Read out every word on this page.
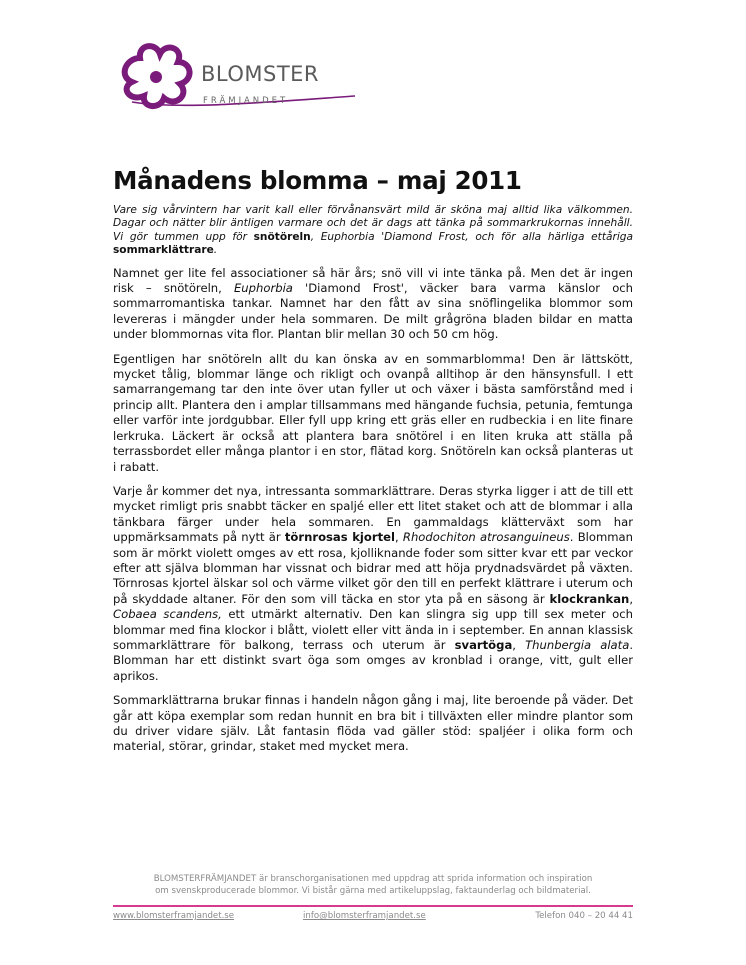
BLOMSTER
FRÄMJANDET
Månadens blomma – maj 2011

Vare sig vårvintern har varit kall eller förvånansvärt mild är sköna maj alltid lika välkommen. Dagar och nätter blir äntligen varmare och det är dags att tänka på sommarkrukornas innehåll. Vi gör tummen upp för snötöreln, Euphorbia 'Diamond Frost, och för alla härliga ettåriga sommarklättrare.

Namnet ger lite fel associationer så här års; snö vill vi inte tänka på. Men det är ingen risk – snötöreln, Euphorbia 'Diamond Frost', väcker bara varma känslor och sommarromantiska tankar. Namnet har den fått av sina snöflingelika blommor som levereras i mängder under hela sommaren. De milt grågröna bladen bildar en matta under blommornas vita flor. Plantan blir mellan 30 och 50 cm hög.

Egentligen har snötöreln allt du kan önska av en sommarblomma! Den är lättskött, mycket tålig, blommar länge och rikligt och ovanpå alltihop är den hänsynsfull. I ett samarrangemang tar den inte över utan fyller ut och växer i bästa samförstånd med i princip allt. Plantera den i amplar tillsammans med hängande fuchsia, petunia, femtunga eller varför inte jordgubbar. Eller fyll upp kring ett gräs eller en rudbeckia i en lite finare lerkruka. Läckert är också att plantera bara snötörel i en liten kruka att ställa på terrassbordet eller många plantor i en stor, flätad korg. Snötöreln kan också planteras ut i rabatt.

Varje år kommer det nya, intressanta sommarklättrare. Deras styrka ligger i att de till ett mycket rimligt pris snabbt täcker en spaljé eller ett litet staket och att de blommar i alla tänkbara färger under hela sommaren. En gammaldags klätterväxt som har uppmärksammats på nytt är törnrosas kjortel, Rhodochiton atrosanguineus. Blomman som är mörkt violett omges av ett rosa, kjolliknande foder som sitter kvar ett par veckor efter att själva blomman har vissnat och bidrar med att höja prydnadsvärdet på växten. Törnrosas kjortel älskar sol och värme vilket gör den till en perfekt klättrare i uterum och på skyddade altaner. För den som vill täcka en stor yta på en säsong är klockrankan, Cobaea scandens, ett utmärkt alternativ. Den kan slingra sig upp till sex meter och blommar med fina klockor i blått, violett eller vitt ända in i september. En annan klassisk sommarklättrare för balkong, terrass och uterum är svartöga, Thunbergia alata. Blomman har ett distinkt svart öga som omges av kronblad i orange, vitt, gult eller aprikos.

Sommarklättrarna brukar finnas i handeln någon gång i maj, lite beroende på väder. Det går att köpa exemplar som redan hunnit en bra bit i tillväxten eller mindre plantor som du driver vidare själv. Låt fantasin flöda vad gäller stöd: spaljéer i olika form och material, störar, grindar, staket med mycket mera.

BLOMSTERFRÄMJANDET är branschorganisationen med uppdrag att sprida information och inspiration
om svenskproducerade blommor. Vi bistår gärna med artikeluppslag, faktaunderlag och bildmaterial.
www.blomsterframjandet.se	info@blomsterframjandet.se	Telefon 040 – 20 44 41
